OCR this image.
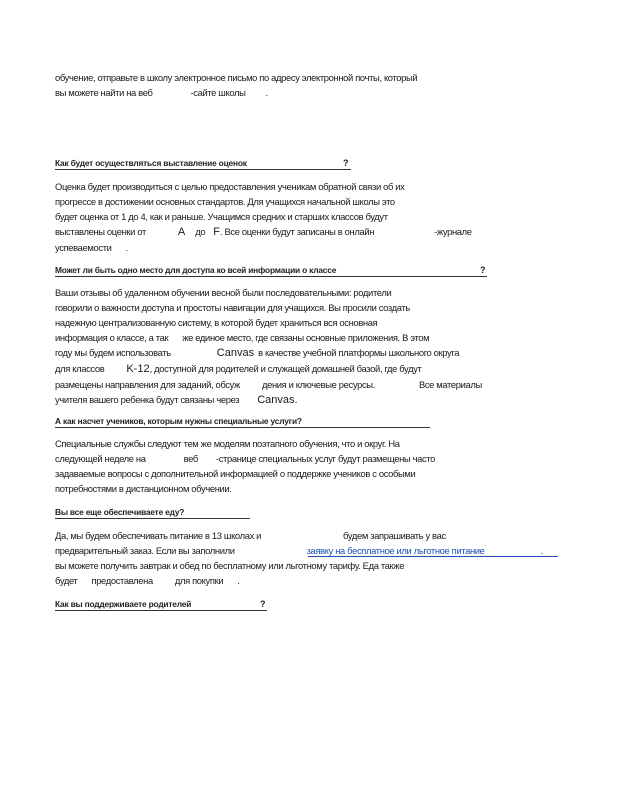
обучение, отправьте в школу электронное письмо по адресу электронной почты, который
вы можете найти на веб	-сайте школы .
Как будет осуществляться выставление оценок	?
Оценка будет производиться с целью предоставления ученикам обратной связи об их
прогрессе в достижении основных стандартов. Для учащихся начальной школы это
будет оценка от 1 до 4, как и раньше. Учащимся средних и старших классов будут
выставлены оценки от	A до F. Все оценки будут записаны в онлайн	-журнале
успеваемости .
Может ли быть одно место для доступа ко всей информации о классе	?
Ваши отзывы об удаленном обучении весной были последовательными: родители
говорили о важности доступа и простоты навигации для учащихся. Вы просили создать
надежную централизованную систему, в которой будет храниться вся основная
информация о классе, а так же единое место, где связаны основные приложения. В этом
году мы будем использовать	Canvas в качестве учебной платформы школьного округа
для классов K-12, доступной для родителей и служащей домашней базой, где будут
размещены направления для заданий, обсуж дения и ключевые ресурсы.	Все материалы
учителя вашего ребенка будут связаны через Canvas.
А как насчет учеников, которым нужны специальные услуги?
Специальные службы следуют тем же моделям поэтапного обучения, что и округ. На
следующей неделе на	веб -странице специальных услуг будут размещены часто
задаваемые вопросы с дополнительной информацией о поддержке учеников с особыми
потребностями в дистанционном обучении.
Вы все еще обеспечиваете еду?
Да, мы будем обеспечивать питание в 13 школах и	будем запрашивать у вас
предварительный заказ. Если вы заполнили	заявку на бесплатное или льготное питание	.
вы можете получить завтрак и обед по бесплатному или льготному тарифу. Еда также
будет предоставлена для покупки .
Как вы поддерживаете родителей	?
